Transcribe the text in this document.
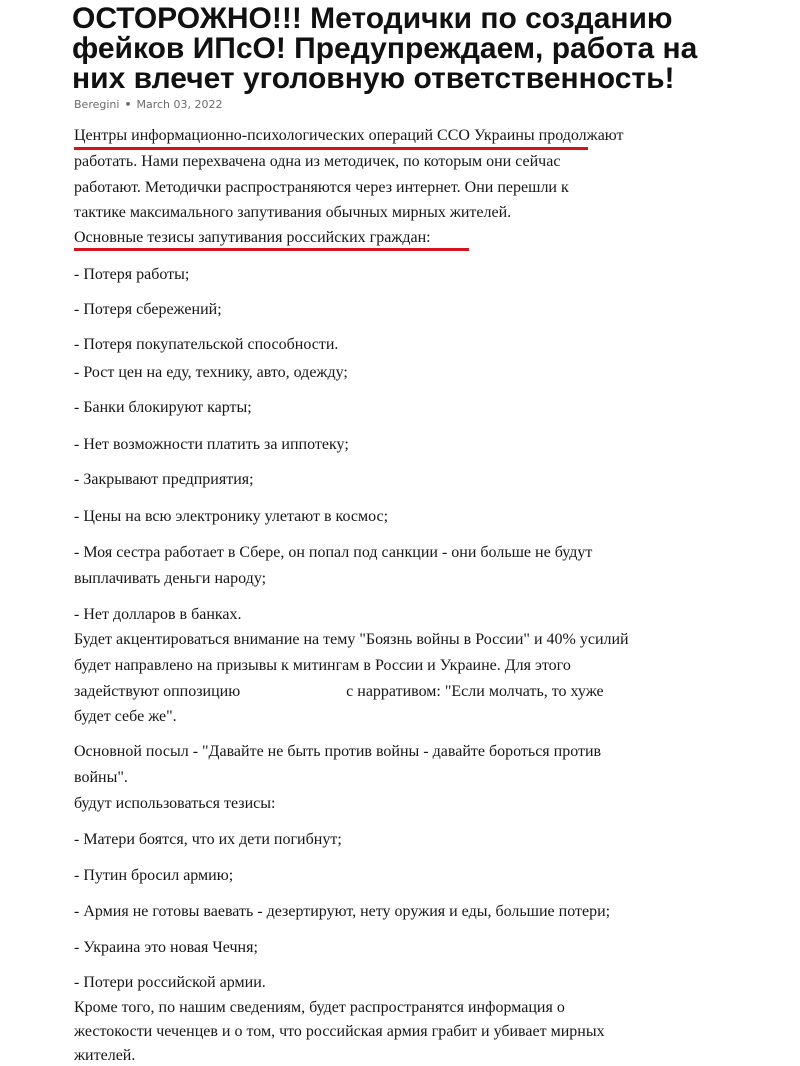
ОСТОРОЖНО!!! Методички по созданию
фейков ИПсО! Предупреждаем, работа на
них влечет уголовную ответственность!
Beregini • March 03, 2022
Центры информационно-психологических операций ССО Украины продолжают
работать. Нами перехвачена одна из методичек, по которым они сейчас
работают. Методички распространяются через интернет. Они перешли к
тактике максимального запутивания обычных мирных жителей.
Основные тезисы запутивания российских граждан:
- Потеря работы;
- Потеря сбережений;
- Потеря покупательской способности.
- Рост цен на еду, технику, авто, одежду;
- Банки блокируют карты;
- Нет возможности платить за иппотеку;
- Закрывают предприятия;
- Цены на всю электронику улетают в космос;
- Моя сестра работает в Сбере, он попал под санкции - они больше не будут
выплачивать деньги народу;
- Нет долларов в банках.
Будет акцентироваться внимание на тему "Боязнь войны в России" и 40% усилий
будет направлено на призывы к митингам в России и Украине. Для этого
задействуют оппозицию	с нарративом: "Если молчать, то хуже
будет себе же".
Основной посыл - "Давайте не быть против войны - давайте бороться против
войны".
будут использоваться тезисы:
- Матери боятся, что их дети погибнут;
- Путин бросил армию;
- Армия не готовы ваевать - дезертируют, нету оружия и еды, большие потери;
- Украина это новая Чечня;
- Потери российской армии.
Кроме того, по нашим сведениям, будет распространятся информация о
жестокости чеченцев и о том, что российская армия грабит и убивает мирных
жителей.
